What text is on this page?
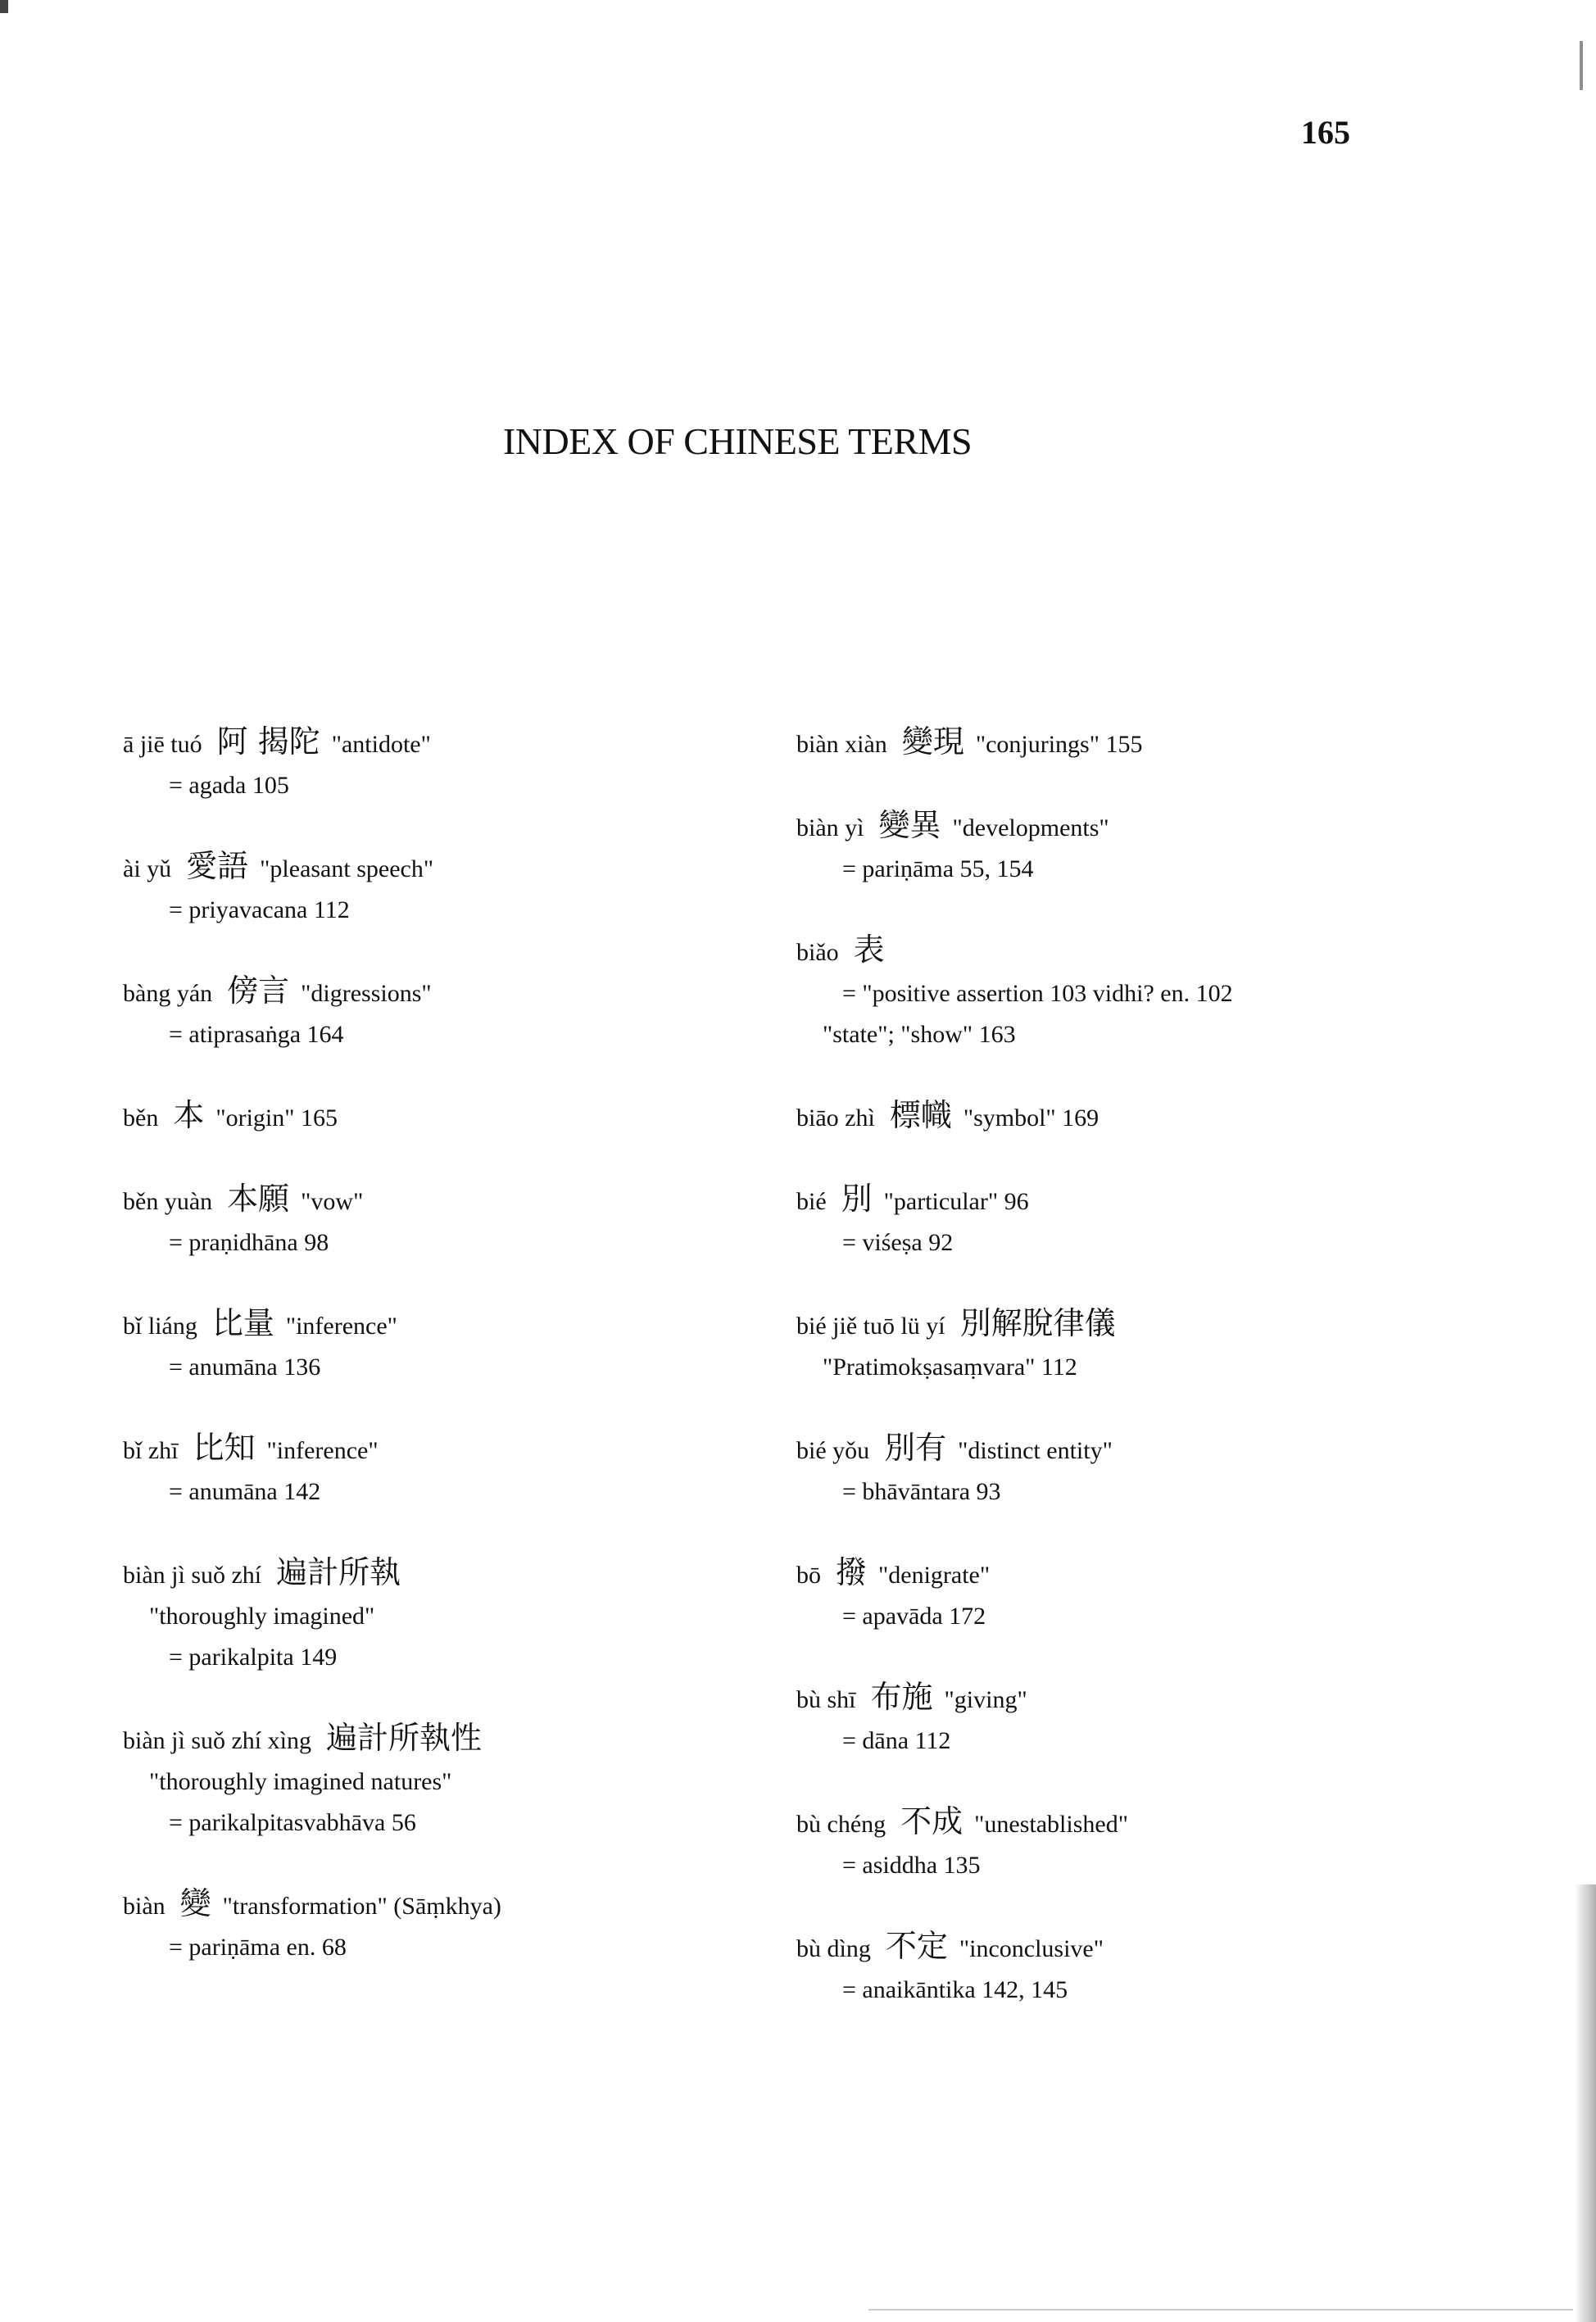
165
INDEX OF CHINESE TERMS
ā jiē tuó 阿 揭陀 "antidote"
= agada 105
ài yǔ 愛語 "pleasant speech"
= priyavacana 112
bàng yán 傍言 "digressions"
= atiprasaṅga 164
běn 本 "origin" 165
běn yuàn 本願 "vow"
= praṇidhāna 98
bǐ liáng 比量 "inference"
= anumāna 136
bǐ zhī 比知 "inference"
= anumāna 142
biàn jì suǒ zhí 遍計所執
"thoroughly imagined"
= parikalpita 149
biàn jì suǒ zhí xìng 遍計所執性
"thoroughly imagined natures"
= parikalpitasvabhāva 56
biàn 變 "transformation" (Sāṃkhya)
= pariṇāma en. 68
biàn xiàn 變現 "conjurings" 155
biàn yì 變異 "developments"
= pariṇāma 55, 154
biǎo 表
= "positive assertion 103 vidhi? en. 102
"state"; "show" 163
biāo zhì 標幟 "symbol" 169
bié 別 "particular" 96
= viśeṣa 92
bié jiě tuō lü yí 別解脫律儀
"Pratimokṣasaṃvara" 112
bié yǒu 別有 "distinct entity"
= bhāvāntara 93
bō 撥 "denigrate"
= apavāda 172
bù shī 布施 "giving"
= dāna 112
bù chéng 不成 "unestablished"
= asiddha 135
bù dìng 不定 "inconclusive"
= anaikāntika 142, 145
